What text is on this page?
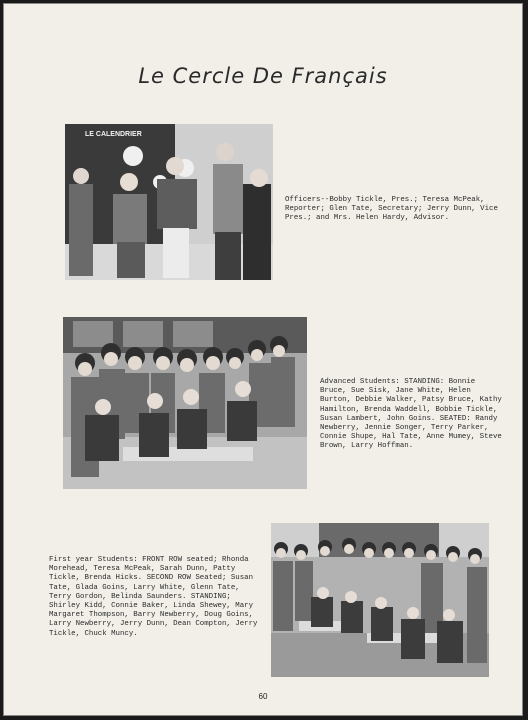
Le Cercle De Français
LE CALENDRIER
Officers--Bobby Tickle, Pres.; Teresa McPeak, Reporter; Glen Tate, Secretary; Jerry Dunn, Vice Pres.; and Mrs. Helen Hardy, Advisor.
Advanced Students: STANDING: Bonnie Bruce, Sue Sisk, Jane White, Helen Burton, Debbie Walker, Patsy Bruce, Kathy Hamilton, Brenda Waddell, Bobbie Tickle, Susan Lambert, John Goins. SEATED: Randy Newberry, Jennie Songer, Terry Parker, Connie Shupe, Hal Tate, Anne Mumey, Steve Brown, Larry Hoffman.
First year Students: FRONT ROW seated; Rhonda Morehead, Teresa McPeak, Sarah Dunn, Patty Tickle, Brenda Hicks. SECOND ROW Seated; Susan Tate, Glada Goins, Larry White, Glenn Tate, Terry Gordon, Belinda Saunders. STANDING; Shirley Kidd, Connie Baker, Linda Shewey, Mary Margaret Thompson, Barry Newberry, Doug Goins, Larry Newberry, Jerry Dunn, Dean Compton, Jerry Tickle, Chuck Muncy.
60
